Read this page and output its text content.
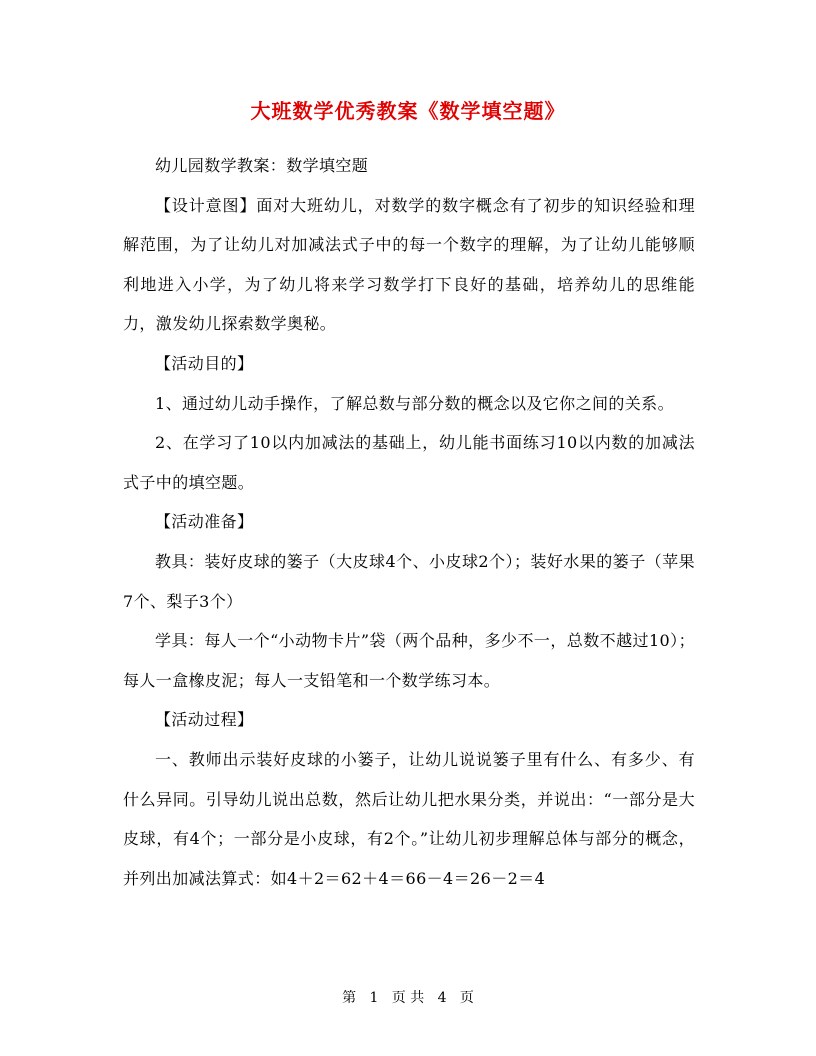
大班数学优秀教案《数学填空题》

幼儿园数学教案：数学填空题

【设计意图】面对大班幼儿，对数学的数字概念有了初步的知识经验和理解范围，为了让幼儿对加减法式子中的每一个数字的理解，为了让幼儿能够顺利地进入小学，为了幼儿将来学习数学打下良好的基础，培养幼儿的思维能力，激发幼儿探索数学奥秘。

【活动目的】

1、通过幼儿动手操作，了解总数与部分数的概念以及它你之间的关系。

2、在学习了10以内加减法的基础上，幼儿能书面练习10以内数的加减法式子中的填空题。

【活动准备】

教具：装好皮球的篓子（大皮球4个、小皮球2个）；装好水果的篓子（苹果7个、梨子3个）

学具：每人一个“小动物卡片”袋（两个品种，多少不一，总数不越过10）；每人一盒橡皮泥；每人一支铅笔和一个数学练习本。

【活动过程】

一、教师出示装好皮球的小篓子，让幼儿说说篓子里有什么、有多少、有什么异同。引导幼儿说出总数，然后让幼儿把水果分类，并说出：“一部分是大皮球，有4个；一部分是小皮球，有2个。”让幼儿初步理解总体与部分的概念，并列出加减法算式：如4＋2＝62＋4＝66－4＝26－2＝4

第 1 页 共 4 页
